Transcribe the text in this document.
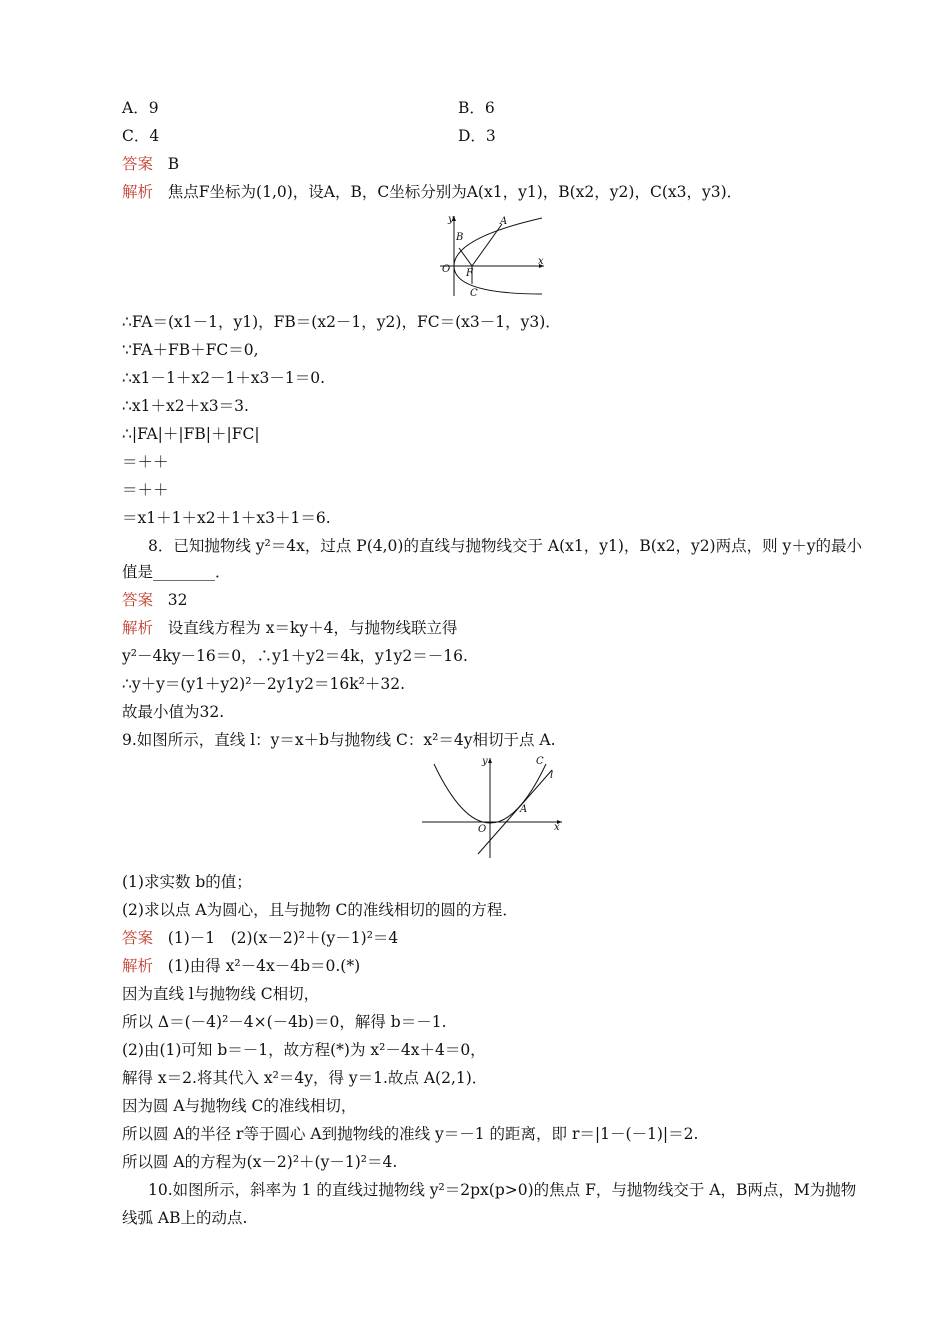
A．9	B．6
C．4	D．3
答案 B
解析 焦点F坐标为(1,0)，设A，B，C坐标分别为A(x1，y1)，B(x2，y2)，C(x3，y3)．
y
x
O F
A
B
C
∴FA＝(x1－1，y1)，FB＝(x2－1，y2)，FC＝(x3－1，y3)．
∵FA＋FB＋FC＝0,
∴x1－1＋x2－1＋x3－1＝0.
∴x1＋x2＋x3＝3.
∴|FA|＋|FB|＋|FC|
＝＋＋
＝＋＋
＝x1＋1＋x2＋1＋x3＋1＝6.
8．已知抛物线 y²＝4x，过点 P(4,0)的直线与抛物线交于 A(x1，y1)，B(x2，y2)两点，则 y＋y的最小
值是________．
答案 32
解析 设直线方程为 x＝ky＋4，与抛物线联立得
y²－4ky－16＝0，∴y1＋y2＝4k，y1y2＝－16.
∴y＋y＝(y1＋y2)²－2y1y2＝16k²＋32.
故最小值为32.
9.如图所示，直线 l：y＝x＋b与抛物线 C：x²＝4y相切于点 A.
y
x
O
A
C
l
(1)求实数 b的值；
(2)求以点 A为圆心，且与抛物 C的准线相切的圆的方程．
答案 (1)－1　(2)(x－2)²＋(y－1)²＝4
解析 (1)由得 x²－4x－4b＝0.(*)
因为直线 l与抛物线 C相切，
所以 Δ＝(－4)²－4×(－4b)＝0，解得 b＝－1.
(2)由(1)可知 b＝－1，故方程(*)为 x²－4x＋4＝0，
解得 x＝2.将其代入 x²＝4y，得 y＝1.故点 A(2,1)．
因为圆 A与抛物线 C的准线相切，
所以圆 A的半径 r等于圆心 A到抛物线的准线 y＝－1 的距离，即 r＝|1－(－1)|＝2.
所以圆 A的方程为(x－2)²＋(y－1)²＝4.
10.如图所示，斜率为 1 的直线过抛物线 y²＝2px(p>0)的焦点 F，与抛物线交于 A，B两点，M为抛物
线弧 AB上的动点.
